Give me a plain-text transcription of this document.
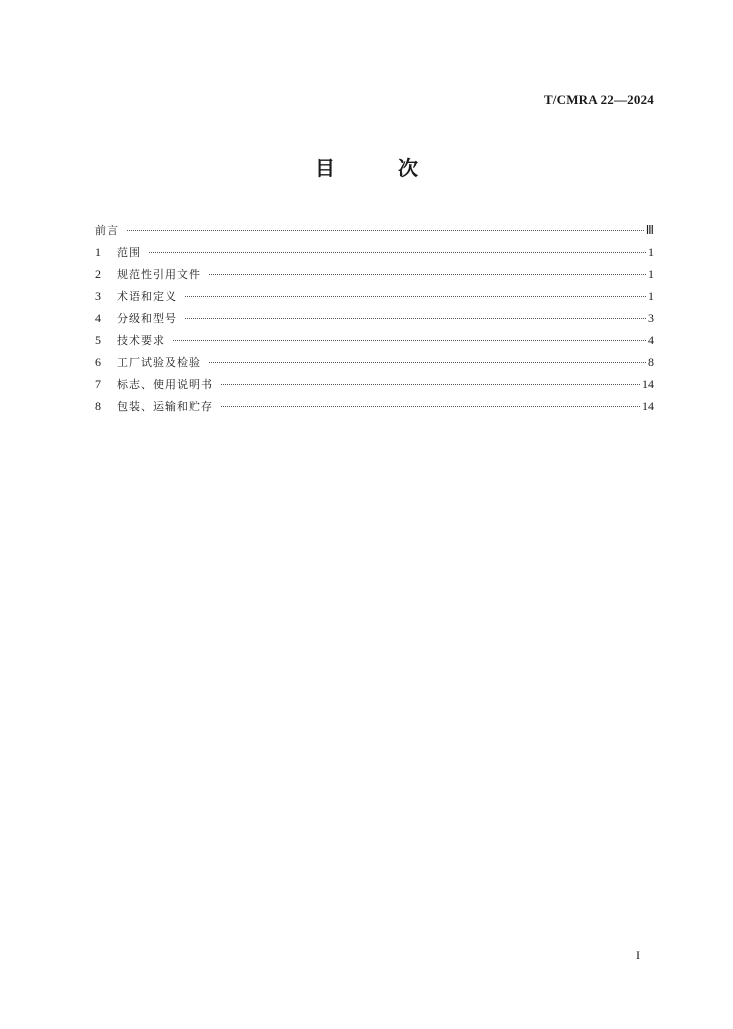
T/CMRA 22—2024
目 次
前言	Ⅲ
1	范围	1
2	规范性引用文件	1
3	术语和定义	1
4	分级和型号	3
5	技术要求	4
6	工厂试验及检验	8
7	标志、使用说明书	14
8	包装、运输和贮存	14
I
